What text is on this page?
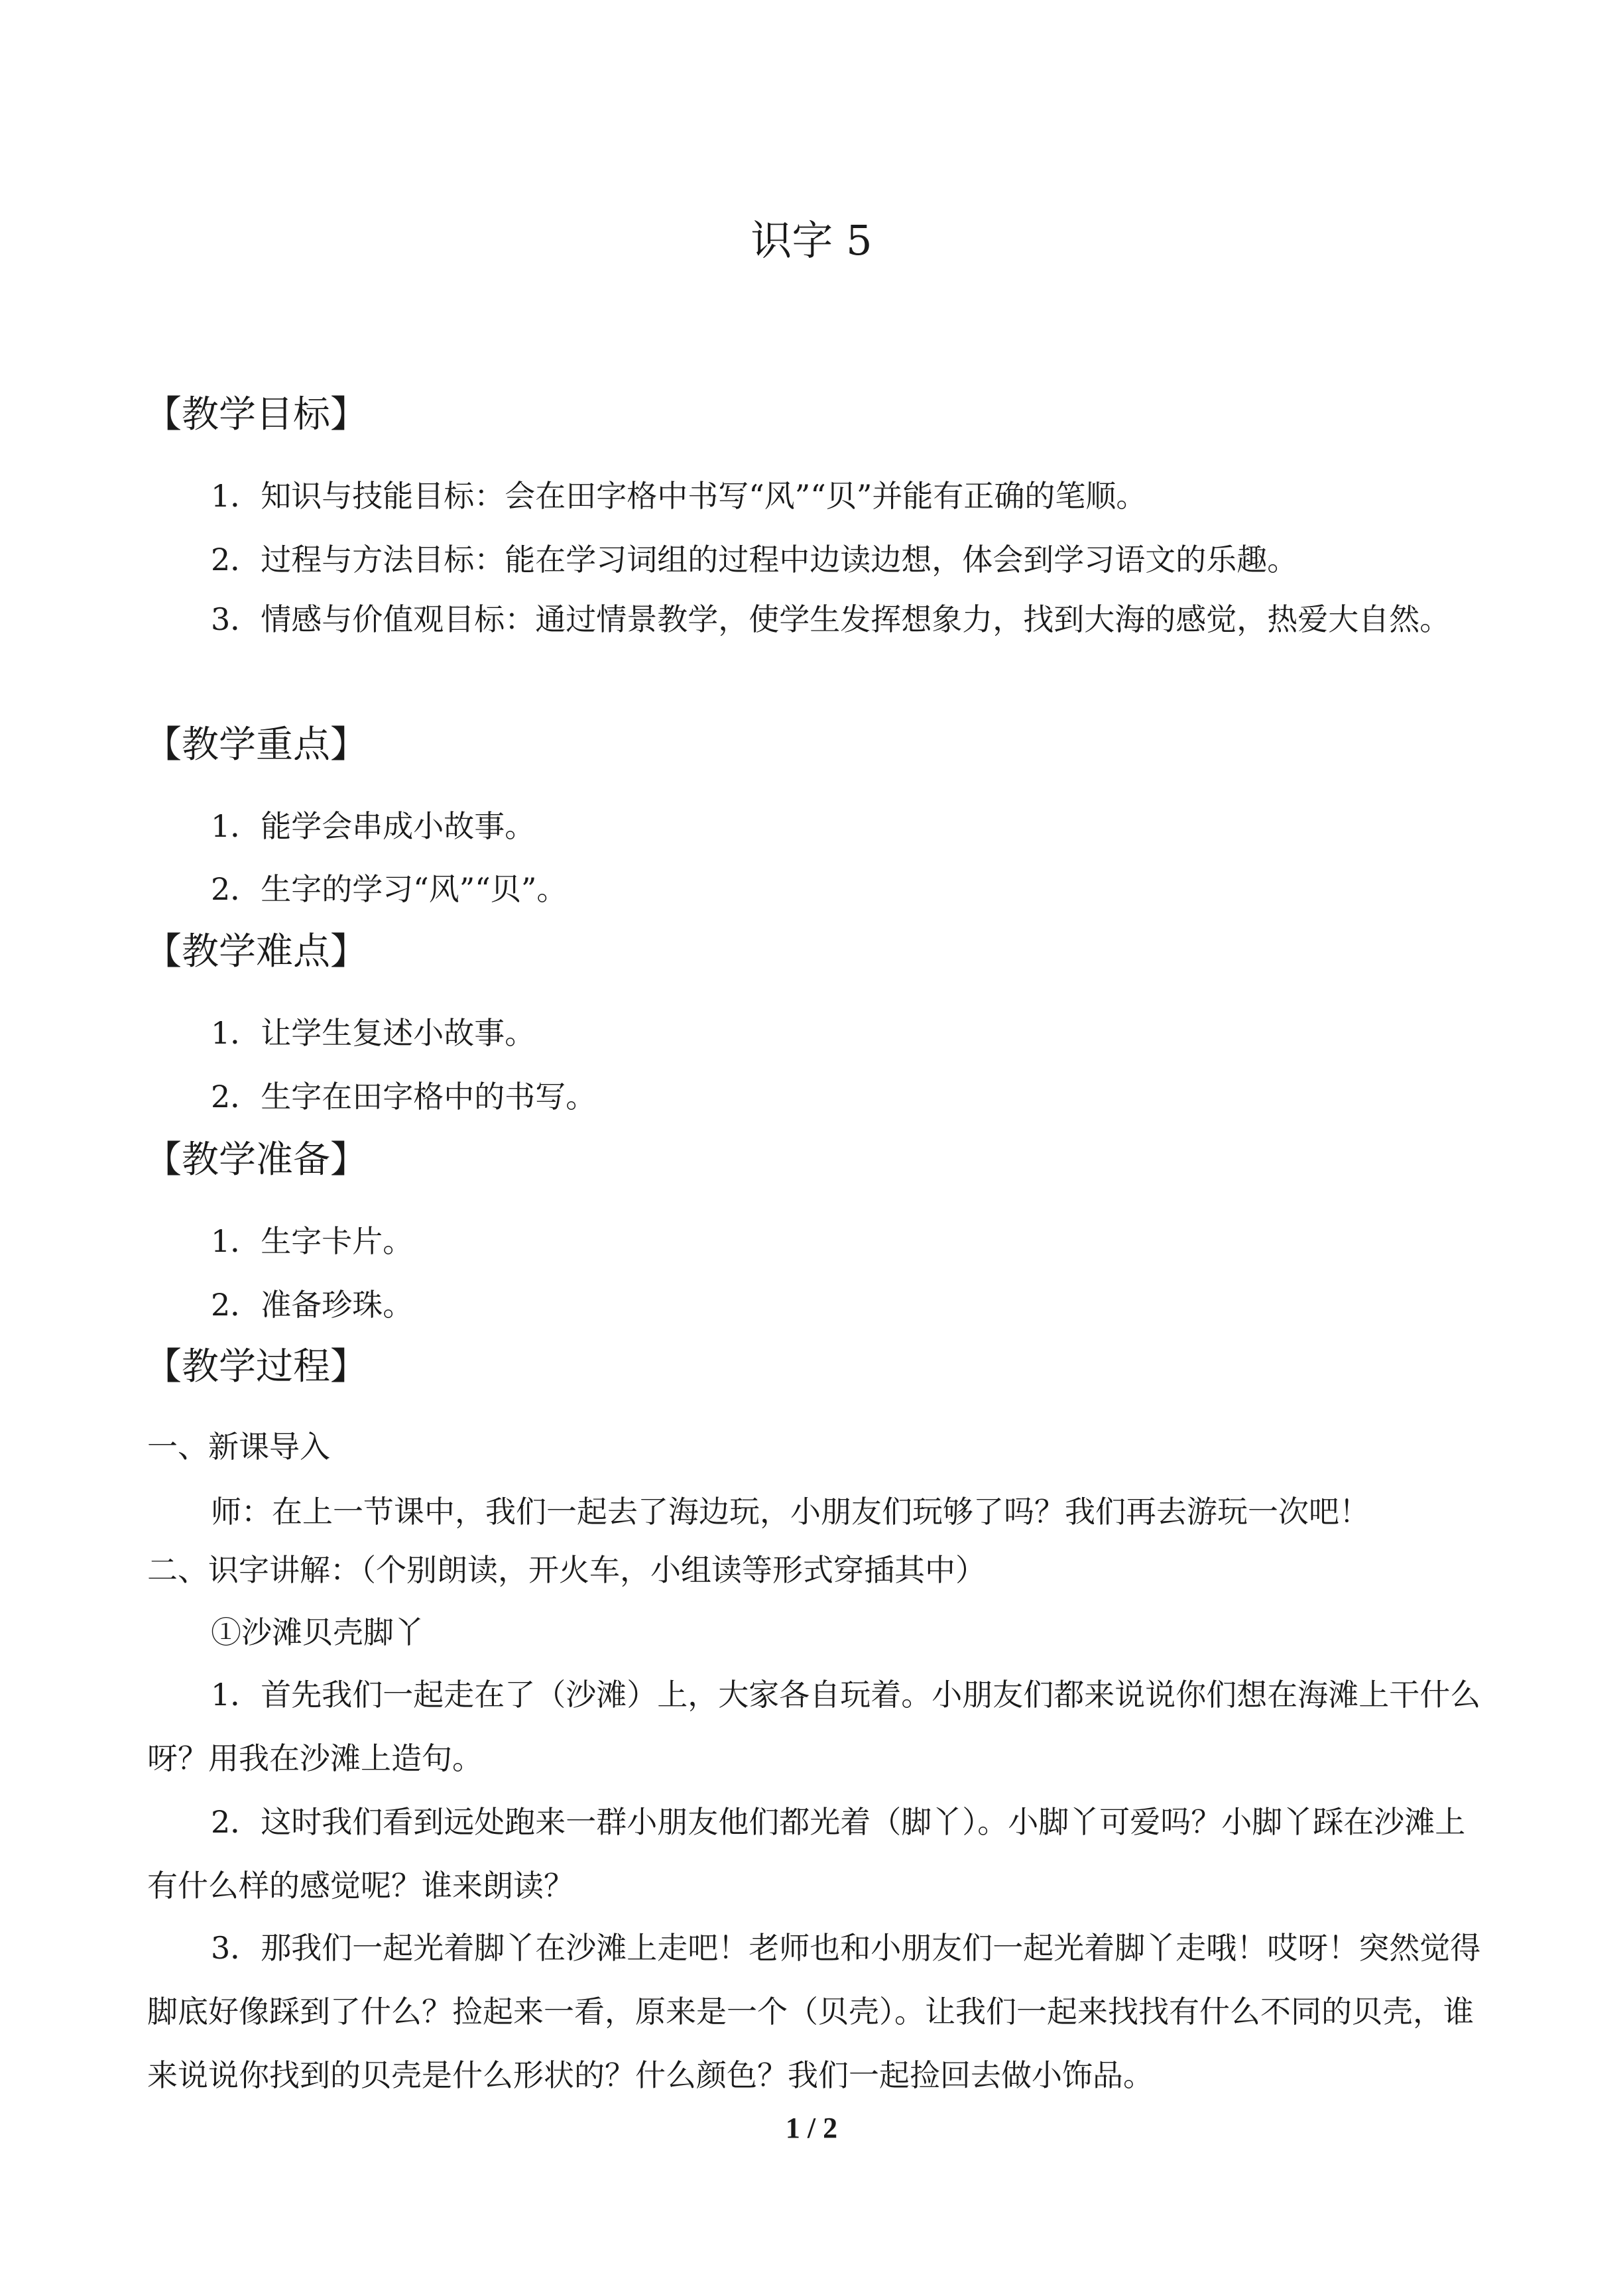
识字 5
【教学目标】

1．知识与技能目标：会在田字格中书写“风”“贝”并能有正确的笔顺。

2．过程与方法目标：能在学习词组的过程中边读边想，体会到学习语文的乐趣。

3．情感与价值观目标：通过情景教学，使学生发挥想象力，找到大海的感觉，热爱大自然。

【教学重点】

1．能学会串成小故事。

2．生字的学习“风”“贝”。

【教学难点】

1．让学生复述小故事。

2．生字在田字格中的书写。

【教学准备】

1．生字卡片。

2．准备珍珠。

【教学过程】

一、新课导入

师：在上一节课中，我们一起去了海边玩，小朋友们玩够了吗？我们再去游玩一次吧！

二、识字讲解：（个别朗读，开火车，小组读等形式穿插其中）

①沙滩贝壳脚丫

1．首先我们一起走在了（沙滩）上，大家各自玩着。小朋友们都来说说你们想在海滩上干什么呀？用我在沙滩上造句。

2．这时我们看到远处跑来一群小朋友他们都光着（脚丫）。小脚丫可爱吗？小脚丫踩在沙滩上有什么样的感觉呢？谁来朗读？

3．那我们一起光着脚丫在沙滩上走吧！老师也和小朋友们一起光着脚丫走哦！哎呀！突然觉得脚底好像踩到了什么？捡起来一看，原来是一个（贝壳）。让我们一起来找找有什么不同的贝壳，谁来说说你找到的贝壳是什么形状的？什么颜色？我们一起捡回去做小饰品。

1 / 2
